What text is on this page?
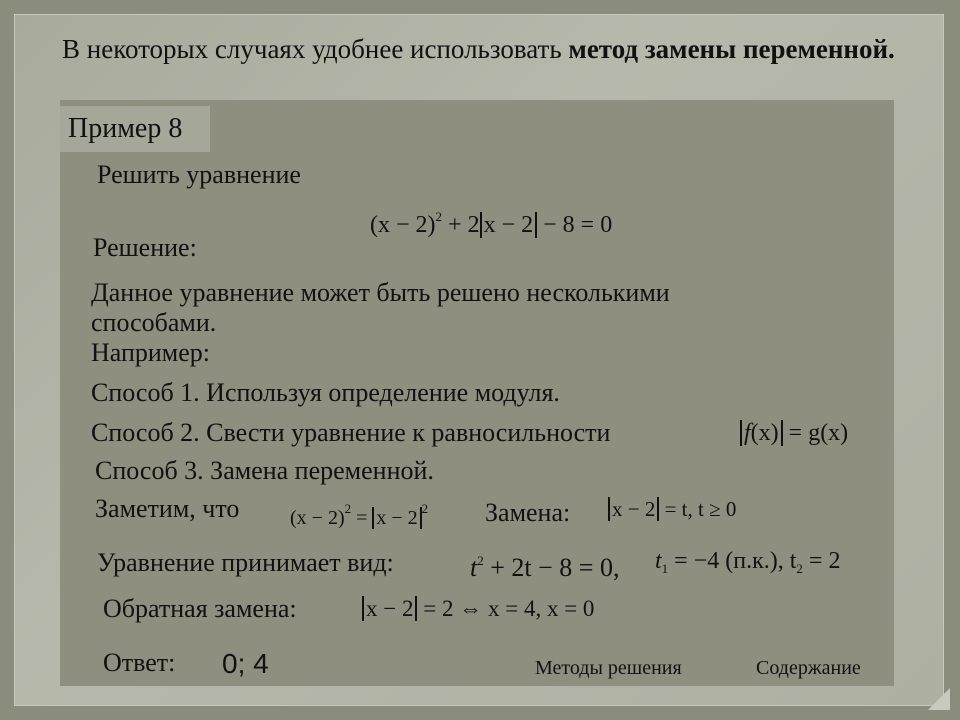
В некоторых случаях удобнее использовать метод замены переменной.
Пример 8
Решить уравнение
$(x - 2)^2 + 2$ x − 2 − 8 = 0
Решение:
Данное уравнение может быть решено несколькими
способами.
Например:
Способ 1. Используя определение модуля.
Способ 2. Свести уравнение к равносильности	f(x) = g(x)
Способ 3. Замена переменной.
Заметим, что	$(x - 2)^2 = x - 2$ $^2$ Замена: x − 2 = t, t ≥ 0
Уравнение принимает вид:	$t^2 + 2t - 8 = 0$, $t_1 = -4$ (п.к.), $t_2 = 2$
Обратная замена:	x − 2 = 2 ⇔ x = 4, x = 0
Ответ: 0; 4	Методы решения	Содержание
